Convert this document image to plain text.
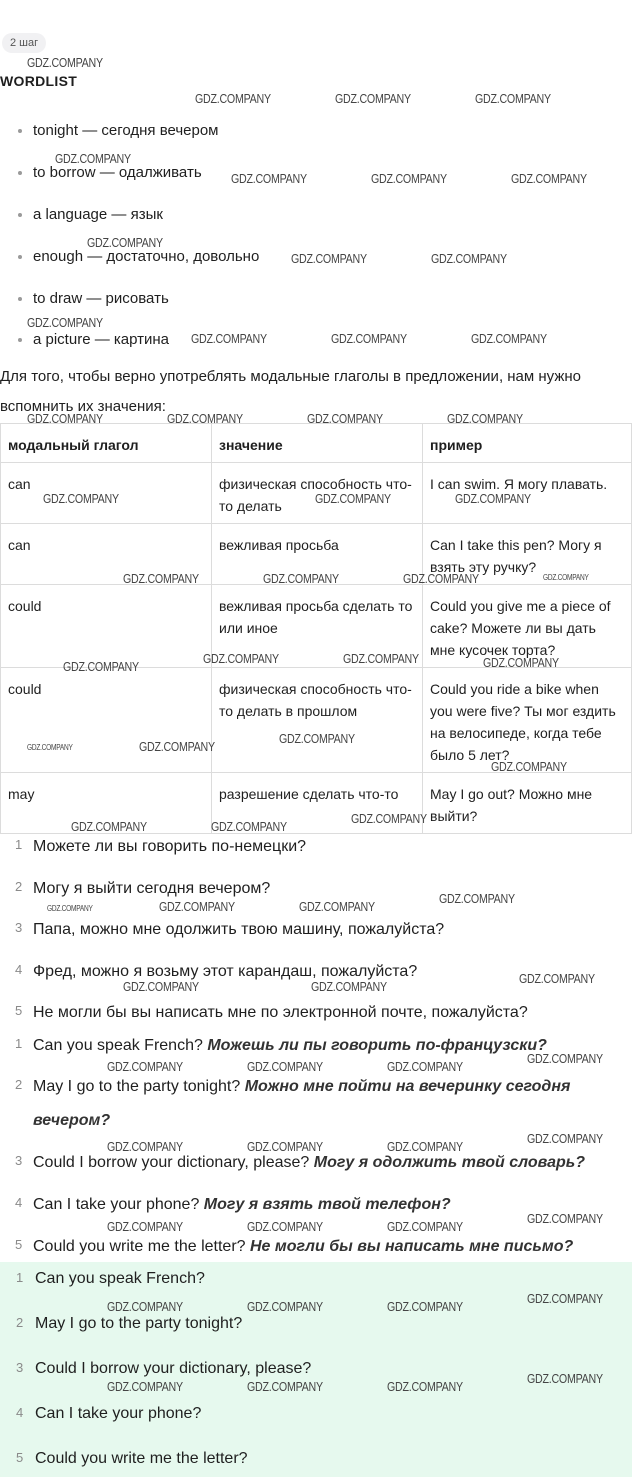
2 шаг
WORDLIST
tonight — сегодня вечером
to borrow — одалживать
a language — язык
enough — достаточно, довольно
to draw — рисовать
a picture — картина
Для того, чтобы верно употреблять модальные глаголы в предложении, нам нужно вспомнить их значения:
модальный глагол	значение	пример
can	физическая способность что-то делать	I can swim. Я могу плавать.
can	вежливая просьба	Can I take this pen? Могу я взять эту ручку?
could	вежливая просьба сделать то или иное	Could you give me a piece of cake? Можете ли вы дать мне кусочек торта?
could	физическая способность что-то делать в прошлом	Could you ride a bike when you were five? Ты мог ездить на велосипеде, когда тебе было 5 лет?
may	разрешение сделать что-то	May I go out? Можно мне выйти?
1 Можете ли вы говорить по-немецки?
2 Могу я выйти сегодня вечером?
3 Папа, можно мне одолжить твою машину, пожалуйста?
4 Фред, можно я возьму этот карандаш, пожалуйста?
5 Не могли бы вы написать мне по электронной почте, пожалуйста?
1 Can you speak French? Можешь ли пы говорить по-французски?
2 May I go to the party tonight? Можно мне пойти на вечеринку сегодня вечером?
3 Could I borrow your dictionary, please? Могу я одолжить твой словарь?
4 Can I take your phone? Могу я взять твой телефон?
5 Could you write me the letter? Не могли бы вы написать мне письмо?
1 Can you speak French?
2 May I go to the party tonight?
3 Could I borrow your dictionary, please?
4 Can I take your phone?
5 Could you write me the letter?
GDZ.COMPANY
GDZ.COMPANY	GDZ.COMPANY	GDZ.COMPANY
GDZ.COMPANY
GDZ.COMPANY	GDZ.COMPANY	GDZ.COMPANY
GDZ.COMPANY
GDZ.COMPANY	GDZ.COMPANY
GDZ.COMPANY
GDZ.COMPANY	GDZ.COMPANY	GDZ.COMPANY
GDZ.COMPANY	GDZ.COMPANY	GDZ.COMPANY	GDZ.COMPANY
GDZ.COMPANY	GDZ.COMPANY	GDZ.COMPANY
GDZ.COMPANY	GDZ.COMPANY	GDZ.COMPANY	GDZ.COMPANY
GDZ.COMPANY
GDZ.COMPANY	GDZ.COMPANY	GDZ.COMPANY
GDZ.COMPANY	GDZ.COMPANY
GDZ.COMPANY
GDZ.COMPANY
GDZ.COMPANY	GDZ.COMPANY
GDZ.COMPANY
GDZ.COMPANY	GDZ.COMPANY	GDZ.COMPANY
GDZ.COMPANY
GDZ.COMPANY	GDZ.COMPANY
GDZ.COMPANY
GDZ.COMPANY
GDZ.COMPANY	GDZ.COMPANY	GDZ.COMPANY
GDZ.COMPANY	GDZ.COMPANY	GDZ.COMPANY
GDZ.COMPANY
GDZ.COMPANY	GDZ.COMPANY	GDZ.COMPANY
GDZ.COMPANY
GDZ.COMPANY	GDZ.COMPANY	GDZ.COMPANY
GDZ.COMPANY
GDZ.COMPANY	GDZ.COMPANY	GDZ.COMPANY
GDZ.COMPANY
